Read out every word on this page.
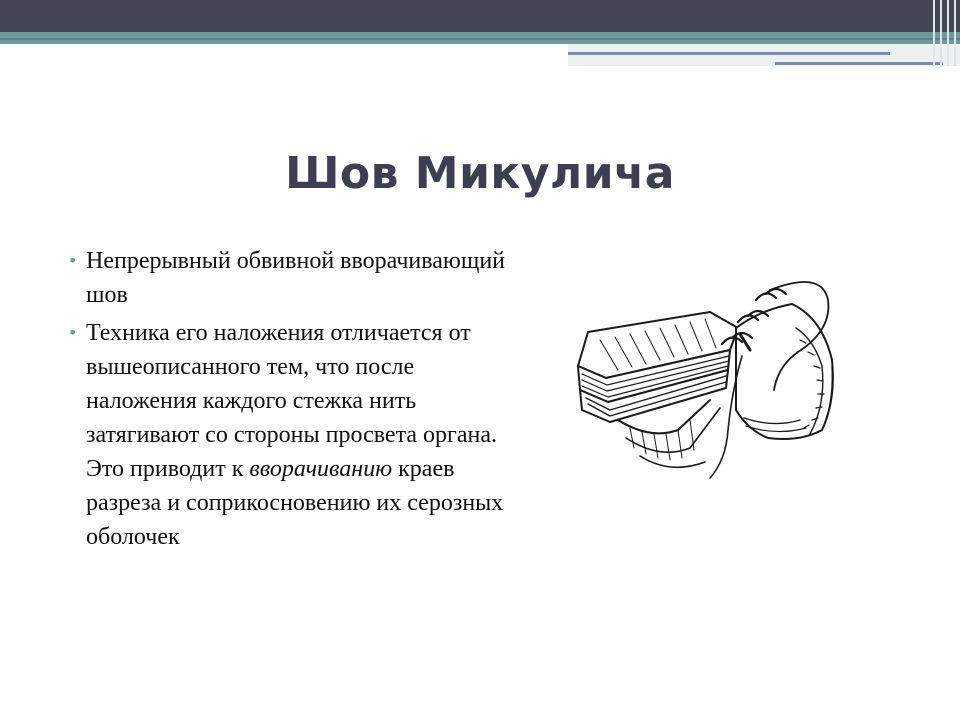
Шов Микулича
• Непрерывный обвивной вворачивающий шов
• Техника его наложения отличается от вышеописанного тем, что после наложения каждого стежка нить затягивают со стороны просвета органа. Это приводит к вворачиванию краев разреза и соприкосновению их серозных оболочек
